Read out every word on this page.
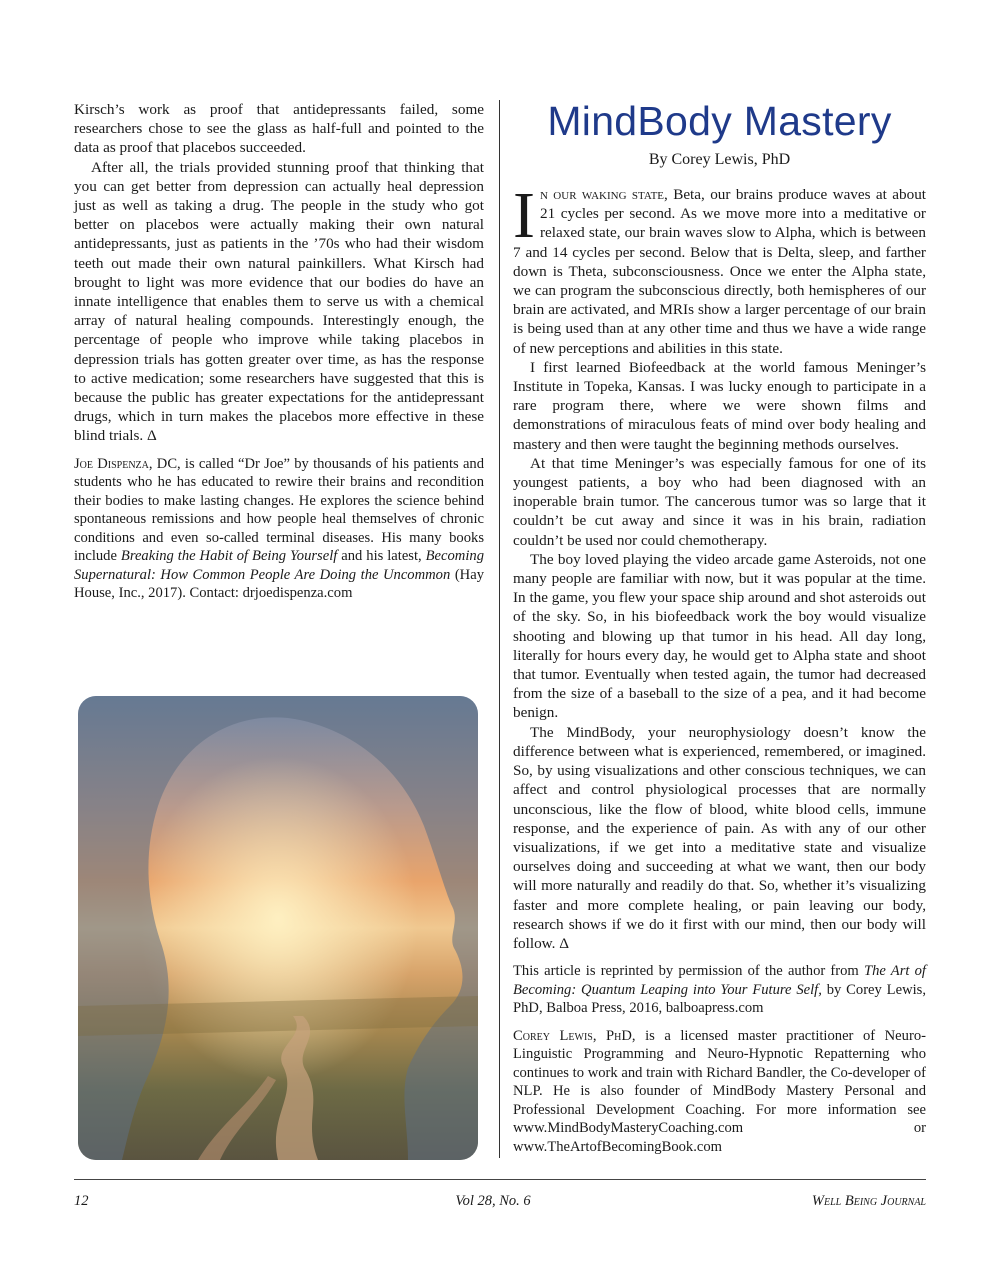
Kirsch’s work as proof that antidepressants failed, some researchers chose to see the glass as half-full and pointed to the data as proof that placebos succeeded.

After all, the trials provided stunning proof that thinking that you can get better from depression can actually heal depression just as well as taking a drug. The people in the study who got better on placebos were actually making their own natural antidepressants, just as patients in the ’70s who had their wisdom teeth out made their own natural painkillers. What Kirsch had brought to light was more evidence that our bodies do have an innate intelligence that enables them to serve us with a chemical array of natural healing compounds. Interestingly enough, the percentage of people who improve while taking placebos in depression trials has gotten greater over time, as has the response to active medication; some researchers have suggested that this is because the public has greater expectations for the antidepressant drugs, which in turn makes the placebos more effective in these blind trials. Δ

Joe Dispenza, DC, is called “Dr Joe” by thousands of his patients and students who he has educated to rewire their brains and recondition their bodies to make lasting changes. He explores the science behind spontaneous remissions and how people heal themselves of chronic conditions and even so-called terminal diseases. His many books include Breaking the Habit of Being Yourself and his latest, Becoming Supernatural: How Common People Are Doing the Uncommon (Hay House, Inc., 2017). Contact: drjoedispenza.com

MindBody Mastery
By Corey Lewis, PhD

In our waking state, Beta, our brains produce waves at about 21 cycles per second. As we move more into a meditative or relaxed state, our brain waves slow to Alpha, which is between 7 and 14 cycles per second. Below that is Delta, sleep, and farther down is Theta, subconsciousness. Once we enter the Alpha state, we can program the subconscious directly, both hemispheres of our brain are activated, and MRIs show a larger percentage of our brain is being used than at any other time and thus we have a wide range of new perceptions and abilities in this state.

I first learned Biofeedback at the world famous Meninger’s Institute in Topeka, Kansas. I was lucky enough to participate in a rare program there, where we were shown films and demonstrations of miraculous feats of mind over body healing and mastery and then were taught the beginning methods ourselves.

At that time Meninger’s was especially famous for one of its youngest patients, a boy who had been diagnosed with an inoperable brain tumor. The cancerous tumor was so large that it couldn’t be cut away and since it was in his brain, radiation couldn’t be used nor could chemotherapy.

The boy loved playing the video arcade game Asteroids, not one many people are familiar with now, but it was popular at the time. In the game, you flew your space ship around and shot asteroids out of the sky. So, in his biofeedback work the boy would visualize shooting and blowing up that tumor in his head. All day long, literally for hours every day, he would get to Alpha state and shoot that tumor. Eventually when tested again, the tumor had decreased from the size of a baseball to the size of a pea, and it had become benign.

The MindBody, your neurophysiology doesn’t know the difference between what is experienced, remembered, or imagined. So, by using visualizations and other conscious techniques, we can affect and control physiological processes that are normally unconscious, like the flow of blood, white blood cells, immune response, and the experience of pain. As with any of our other visualizations, if we get into a meditative state and visualize ourselves doing and succeeding at what we want, then our body will more naturally and readily do that. So, whether it’s visualizing faster and more complete healing, or pain leaving our body, research shows if we do it first with our mind, then our body will follow. Δ

This article is reprinted by permission of the author from The Art of Becoming: Quantum Leaping into Your Future Self, by Corey Lewis, PhD, Balboa Press, 2016, balboapress.com

Corey Lewis, PhD, is a licensed master practitioner of Neuro-Linguistic Programming and Neuro-Hypnotic Repatterning who continues to work and train with Richard Bandler, the Co-developer of NLP. He is also founder of MindBody Mastery Personal and Professional Development Coaching. For more information see www.MindBodyMasteryCoaching.com or www.TheArtofBecomingBook.com

12	Vol 28, No. 6	Well Being Journal
